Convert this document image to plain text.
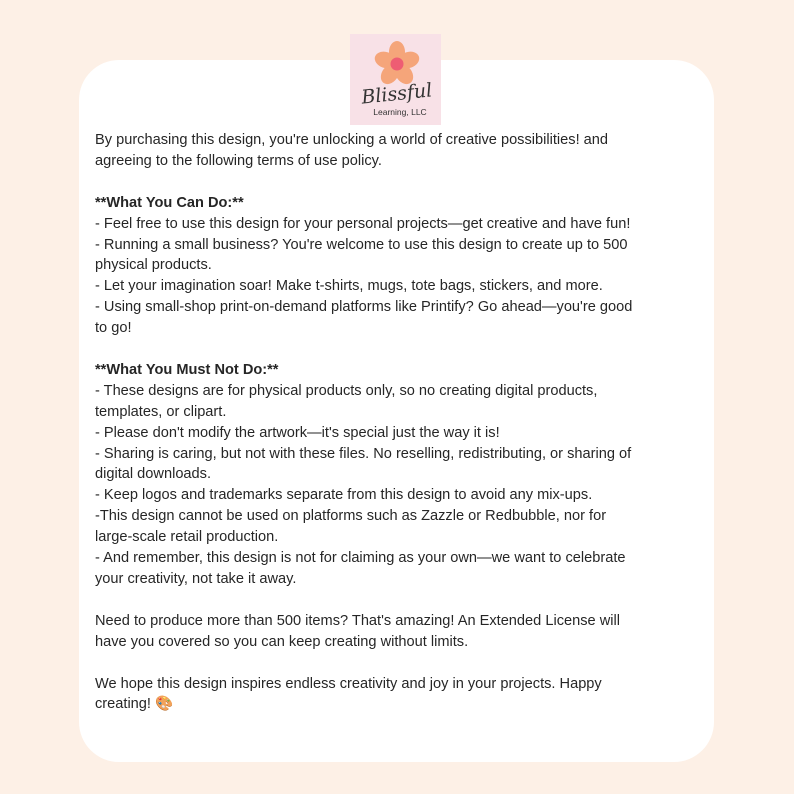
Blissful
Learning, LLC

By purchasing this design, you're unlocking a world of creative possibilities! and
agreeing to the following terms of use policy.

**What You Can Do:**

- Feel free to use this design for your personal projects—get creative and have fun!

- Running a small business? You're welcome to use this design to create up to 500
physical products.

- Let your imagination soar! Make t-shirts, mugs, tote bags, stickers, and more.

- Using small-shop print-on-demand platforms like Printify? Go ahead—you're good
to go!

**What You Must Not Do:**

- These designs are for physical products only, so no creating digital products,
templates, or clipart.

- Please don't modify the artwork—it's special just the way it is!

- Sharing is caring, but not with these files. No reselling, redistributing, or sharing of
digital downloads.

- Keep logos and trademarks separate from this design to avoid any mix-ups.

-This design cannot be used on platforms such as Zazzle or Redbubble, nor for
large-scale retail production.

- And remember, this design is not for claiming as your own—we want to celebrate
your creativity, not take it away.

Need to produce more than 500 items? That's amazing! An Extended License will
have you covered so you can keep creating without limits.

We hope this design inspires endless creativity and joy in your projects. Happy
creating! 🎨
